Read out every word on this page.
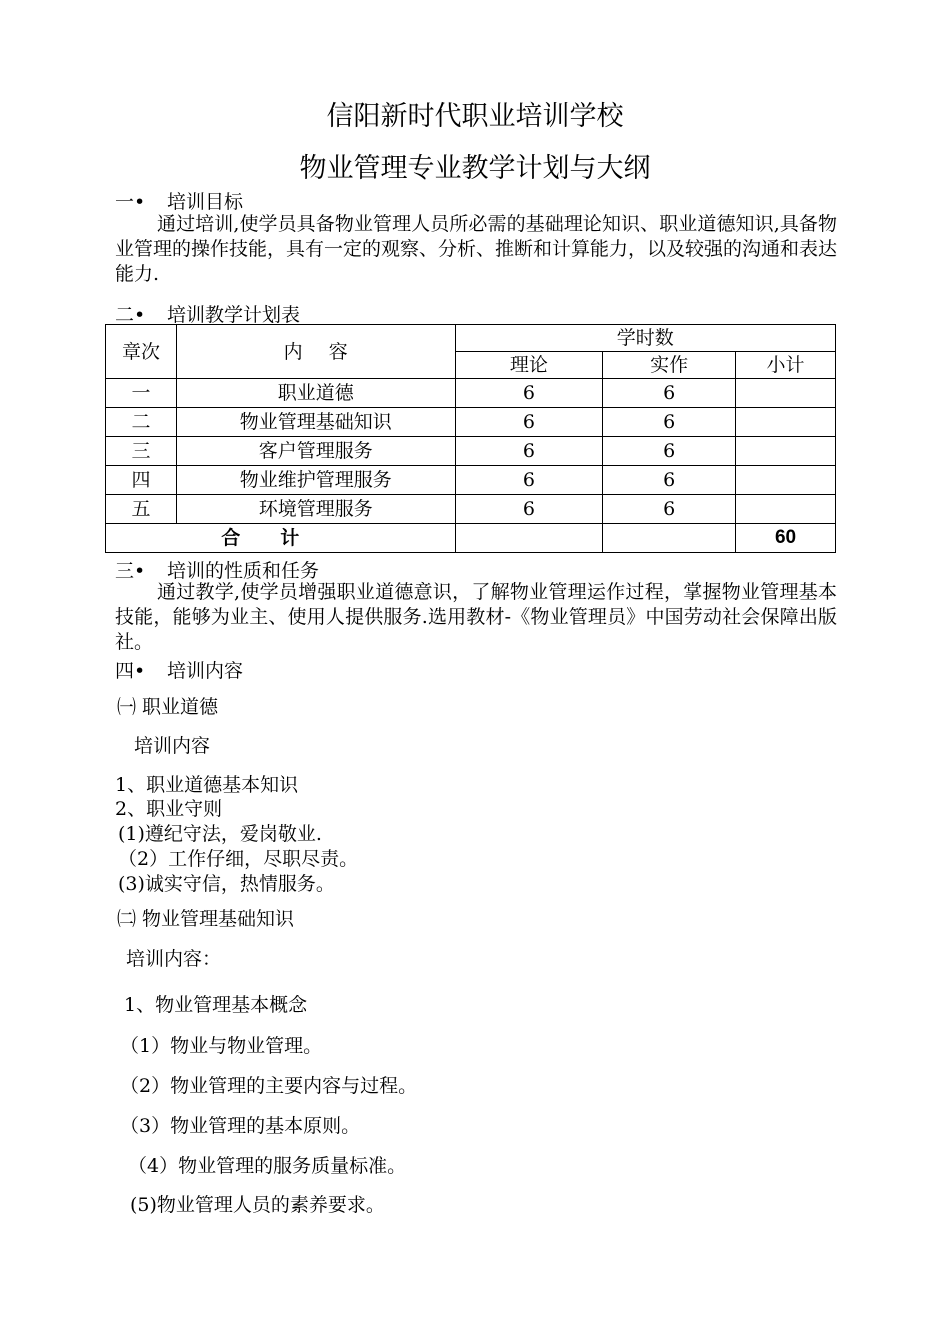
信阳新时代职业培训学校
物业管理专业教学计划与大纲
一• 培训目标
通过培训,使学员具备物业管理人员所必需的基础理论知识、职业道德知识,具备物业管理的操作技能，具有一定的观察、分析、推断和计算能力，以及较强的沟通和表达能力.
二• 培训教学计划表
章次	内 容	学时数		
		理论	实作	小计
一	职业道德	6	6	
二	物业管理基础知识	6	6	
三	客户管理服务	6	6	
四	物业维护管理服务	6	6	
五	环境管理服务	6	6	
合计				60
三• 培训的性质和任务
通过教学,使学员增强职业道德意识，了解物业管理运作过程，掌握物业管理基本技能，能够为业主、使用人提供服务.选用教材-《物业管理员》中国劳动社会保障出版社。
四• 培训内容
㈠ 职业道德
培训内容
1、职业道德基本知识
2、职业守则
(1)遵纪守法，爱岗敬业.
（2）工作仔细，尽职尽责。
(3)诚实守信，热情服务。
㈡ 物业管理基础知识
培训内容：
1、物业管理基本概念
（1）物业与物业管理。
（2）物业管理的主要内容与过程。
（3）物业管理的基本原则。
（4）物业管理的服务质量标准。
(5)物业管理人员的素养要求。
